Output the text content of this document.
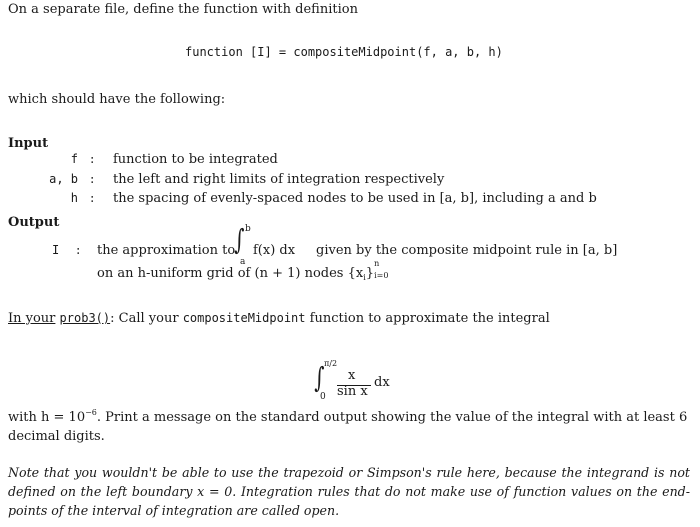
On a separate file, define the function with definition
function [I] = compositeMidpoint(f, a, b, h)
which should have the following:
Input
f : function to be integrated
a, b : the left and right limits of integration respectively
h : the spacing of evenly-spaced nodes to be used in [a, b], including a and b
Output
I : the approximation to
∫ b
a
f(x) dx given by the composite midpoint rule in [a, b]
on an h-uniform grid of (n + 1) nodes $\{x_i\}$
n
i=0
In your prob3(): Call your compositeMidpoint function to approximate the integral
∫ π/2
0
x
sin x
dx
with $h = 10^{-6}$. Print a message on the standard output showing the value of the integral with at least 6 decimal digits.
Note that you wouldn't be able to use the trapezoid or Simpson's rule here, because the integrand is not defined on the left boundary x = 0. Integration rules that do not make use of function values on the end-points of the interval of integration are called open.
